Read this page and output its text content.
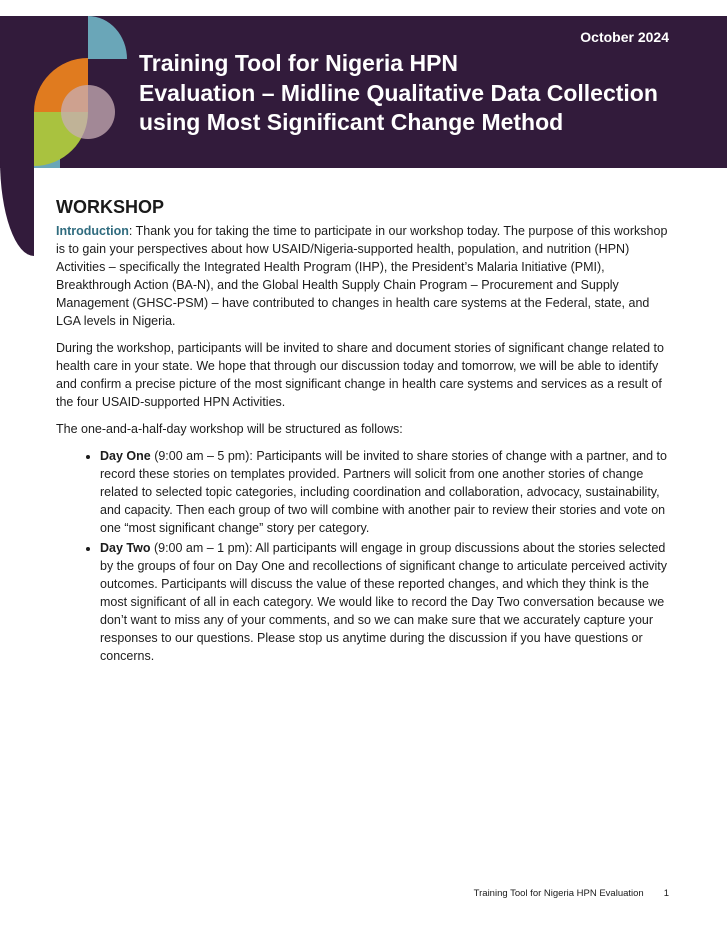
October 2024
Training Tool for Nigeria HPN
Evaluation – Midline Qualitative Data Collection
using Most Significant Change Method
WORKSHOP

Introduction: Thank you for taking the time to participate in our workshop today. The purpose of this workshop is to gain your perspectives about how USAID/Nigeria-supported health, population, and nutrition (HPN) Activities – specifically the Integrated Health Program (IHP), the President’s Malaria Initiative (PMI), Breakthrough Action (BA-N), and the Global Health Supply Chain Program – Procurement and Supply Management (GHSC-PSM) – have contributed to changes in health care systems at the Federal, state, and LGA levels in Nigeria.

During the workshop, participants will be invited to share and document stories of significant change related to health care in your state. We hope that through our discussion today and tomorrow, we will be able to identify and confirm a precise picture of the most significant change in health care systems and services as a result of the four USAID-supported HPN Activities.

The one-and-a-half-day workshop will be structured as follows:

• Day One (9:00 am – 5 pm): Participants will be invited to share stories of change with a partner, and to record these stories on templates provided. Partners will solicit from one another stories of change related to selected topic categories, including coordination and collaboration, advocacy, sustainability, and capacity. Then each group of two will combine with another pair to review their stories and vote on one “most significant change” story per category.
• Day Two (9:00 am – 1 pm): All participants will engage in group discussions about the stories selected by the groups of four on Day One and recollections of significant change to articulate perceived activity outcomes. Participants will discuss the value of these reported changes, and which they think is the most significant of all in each category. We would like to record the Day Two conversation because we don’t want to miss any of your comments, and so we can make sure that we accurately capture your responses to our questions. Please stop us anytime during the discussion if you have questions or concerns.
Training Tool for Nigeria HPN Evaluation 1
